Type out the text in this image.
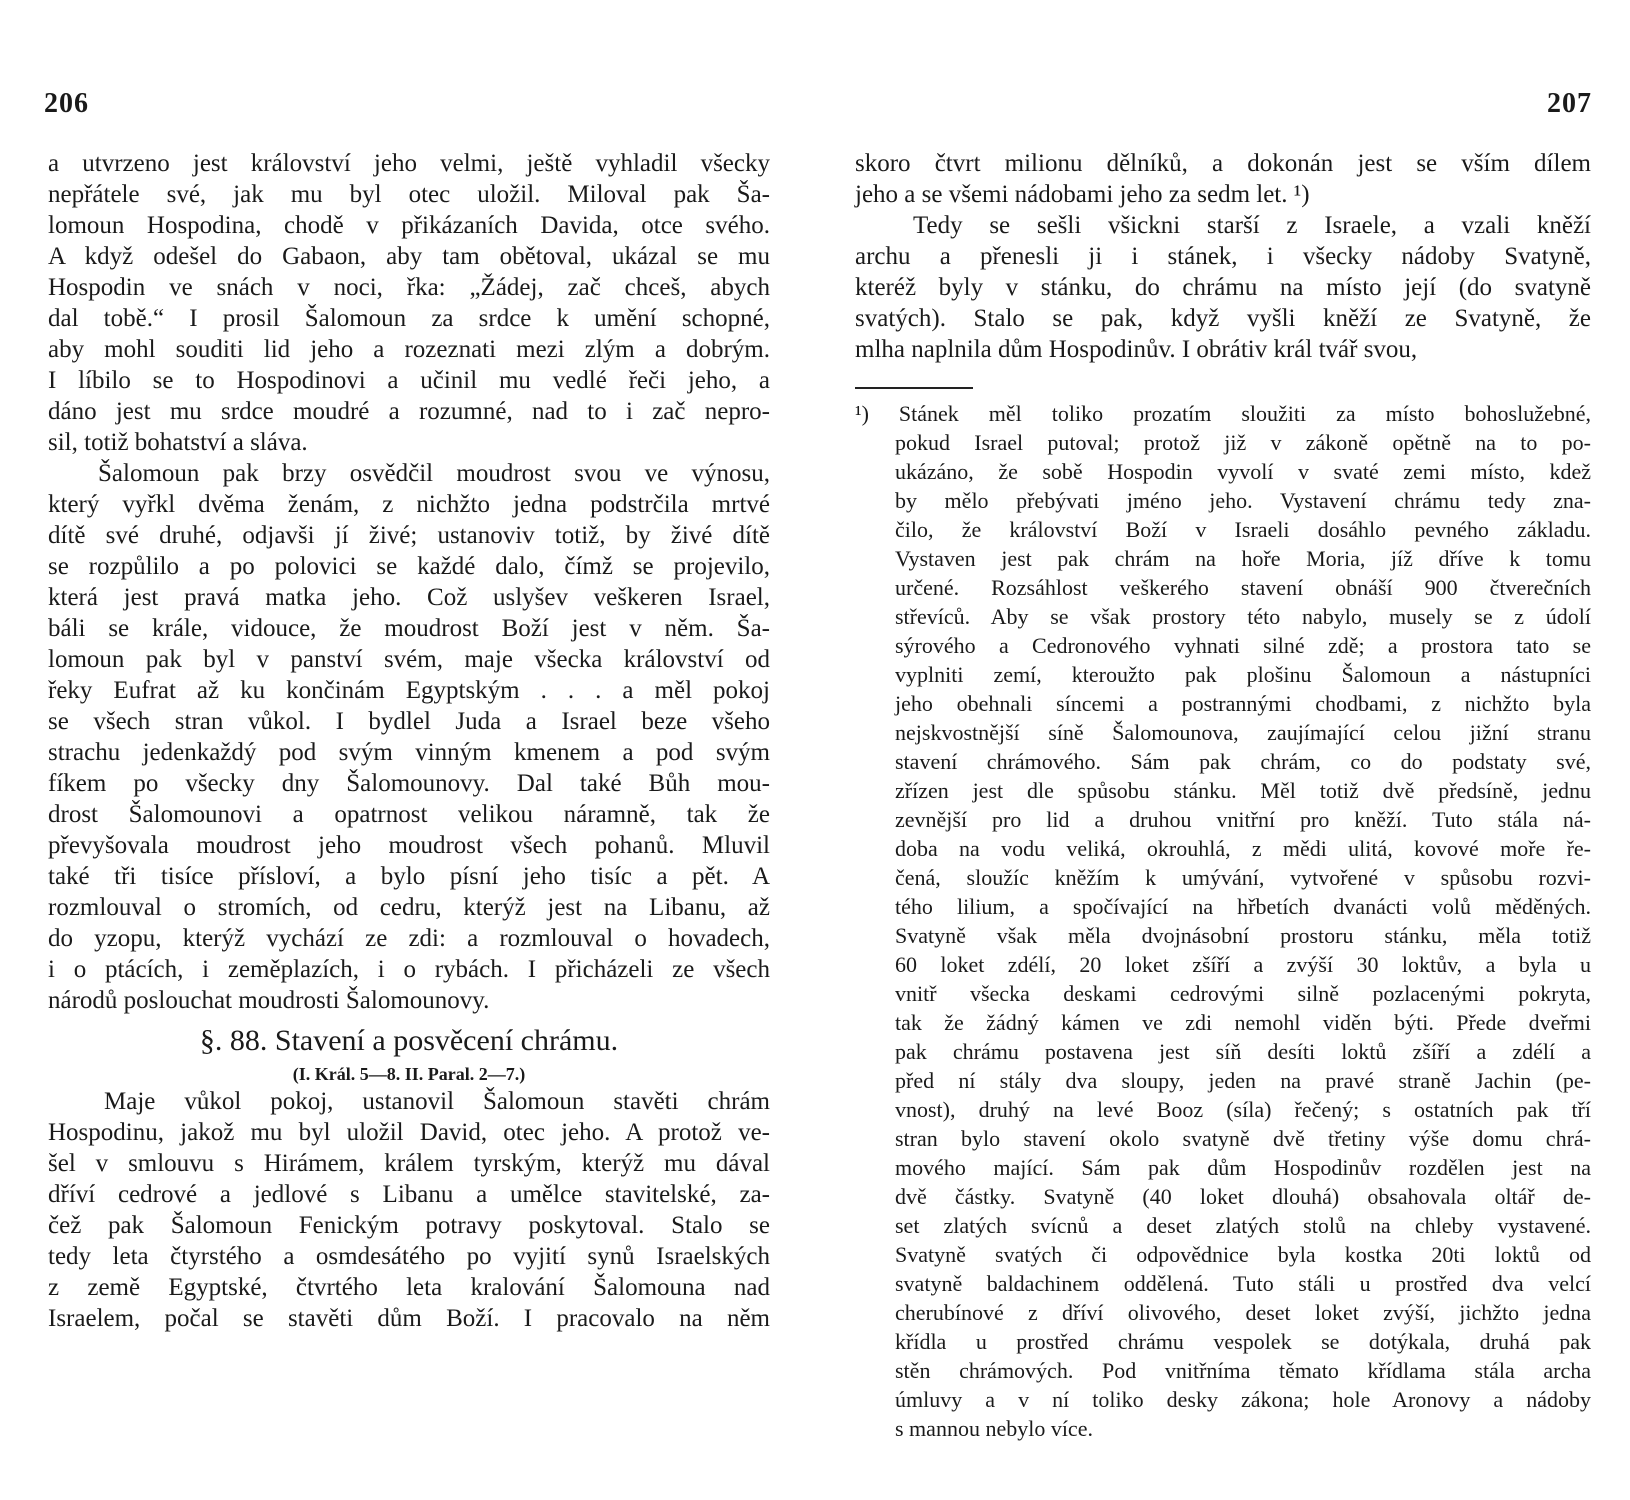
206
a utvrzeno jest království jeho velmi, ještě vyhladil všecky
nepřátele své, jak mu byl otec uložil. Miloval pak Ša-
lomoun Hospodina, chodě v přikázaních Davida, otce svého.
A když odešel do Gabaon, aby tam obětoval, ukázal se mu
Hospodin ve snách v noci, řka: „Žádej, zač chceš, abych
dal tobě.“ I prosil Šalomoun za srdce k umění schopné,
aby mohl souditi lid jeho a rozeznati mezi zlým a dobrým.
I líbilo se to Hospodinovi a učinil mu vedlé řeči jeho, a
dáno jest mu srdce moudré a rozumné, nad to i zač nepro-
sil, totiž bohatství a sláva.
Šalomoun pak brzy osvědčil moudrost svou ve výnosu,
který vyřkl dvěma ženám, z nichžto jedna podstrčila mrtvé
dítě své druhé, odjavši jí živé; ustanoviv totiž, by živé dítě
se rozpůlilo a po polovici se každé dalo, čímž se projevilo,
která jest pravá matka jeho. Což uslyšev veškeren Israel,
báli se krále, vidouce, že moudrost Boží jest v něm. Ša-
lomoun pak byl v panství svém, maje všecka království od
řeky Eufrat až ku končinám Egyptským . . . a měl pokoj
se všech stran vůkol. I bydlel Juda a Israel beze všeho
strachu jedenkaždý pod svým vinným kmenem a pod svým
fíkem po všecky dny Šalomounovy. Dal také Bůh mou-
drost Šalomounovi a opatrnost velikou náramně, tak že
převyšovala moudrost jeho moudrost všech pohanů. Mluvil
také tři tisíce přísloví, a bylo písní jeho tisíc a pět. A
rozmlouval o stromích, od cedru, kterýž jest na Libanu, až
do yzopu, kterýž vychází ze zdi: a rozmlouval o hovadech,
i o ptácích, i zeměplazích, i o rybách. I přicházeli ze všech
národů poslouchat moudrosti Šalomounovy.
§. 88. Stavení a posvěcení chrámu.
(I. Král. 5—8. II. Paral. 2—7.)
Maje vůkol pokoj, ustanovil Šalomoun stavěti chrám
Hospodinu, jakož mu byl uložil David, otec jeho. A protož ve-
šel v smlouvu s Hirámem, králem tyrským, kterýž mu dával
dříví cedrové a jedlové s Libanu a umělce stavitelské, za-
čež pak Šalomoun Fenickým potravy poskytoval. Stalo se
tedy leta čtyrstého a osmdesátého po vyjití synů Israelských
z země Egyptské, čtvrtého leta kralování Šalomouna nad
Israelem, počal se stavěti dům Boží. I pracovalo na něm
207
skoro čtvrt milionu dělníků, a dokonán jest se vším dílem
jeho a se všemi nádobami jeho za sedm let. ¹)
Tedy se sešli všickni starší z Israele, a vzali kněží
archu a přenesli ji i stánek, i všecky nádoby Svatyně,
kteréž byly v stánku, do chrámu na místo její (do svatyně
svatých). Stalo se pak, když vyšli kněží ze Svatyně, že
mlha naplnila dům Hospodinův. I obrátiv král tvář svou,
¹) Stánek měl toliko prozatím sloužiti za místo bohoslužebné,
pokud Israel putoval; protož již v zákoně opětně na to po-
ukázáno, že sobě Hospodin vyvolí v svaté zemi místo, kdež
by mělo přebývati jméno jeho. Vystavení chrámu tedy zna-
čilo, že království Boží v Israeli dosáhlo pevného základu.
Vystaven jest pak chrám na hoře Moria, jíž dříve k tomu
určené. Rozsáhlost veškerého stavení obnáší 900 čtverečních
střevíců. Aby se však prostory této nabylo, musely se z údolí
sýrového a Cedronového vyhnati silné zdě; a prostora tato se
vyplniti zemí, kteroužto pak plošinu Šalomoun a nástupníci
jeho obehnali síncemi a postrannými chodbami, z nichžto byla
nejskvostnější síně Šalomounova, zaujímající celou jižní stranu
stavení chrámového. Sám pak chrám, co do podstaty své,
zřízen jest dle spůsobu stánku. Měl totiž dvě předsíně, jednu
zevnější pro lid a druhou vnitřní pro kněží. Tuto stála ná-
doba na vodu veliká, okrouhlá, z mědi ulitá, kovové moře ře-
čená, sloužíc kněžím k umývání, vytvořené v spůsobu rozvi-
tého lilium, a spočívající na hřbetích dvanácti volů měděných.
Svatyně však měla dvojnásobní prostoru stánku, měla totiž
60 loket zdélí, 20 loket zšíří a zvýší 30 loktův, a byla u
vnitř všecka deskami cedrovými silně pozlacenými pokryta,
tak že žádný kámen ve zdi nemohl viděn býti. Přede dveřmi
pak chrámu postavena jest síň desíti loktů zšíří a zdélí a
před ní stály dva sloupy, jeden na pravé straně Jachin (pe-
vnost), druhý na levé Booz (síla) řečený; s ostatních pak tří
stran bylo stavení okolo svatyně dvě třetiny výše domu chrá-
mového mající. Sám pak dům Hospodinův rozdělen jest na
dvě částky. Svatyně (40 loket dlouhá) obsahovala oltář de-
set zlatých svícnů a deset zlatých stolů na chleby vystavené.
Svatyně svatých či odpovědnice byla kostka 20ti loktů od
svatyně baldachinem oddělená. Tuto stáli u prostřed dva velcí
cherubínové z dříví olivového, deset loket zvýší, jichžto jedna
křídla u prostřed chrámu vespolek se dotýkala, druhá pak
stěn chrámových. Pod vnitřníma těmato křídlama stála archa
úmluvy a v ní toliko desky zákona; hole Aronovy a nádoby
s mannou nebylo více.
